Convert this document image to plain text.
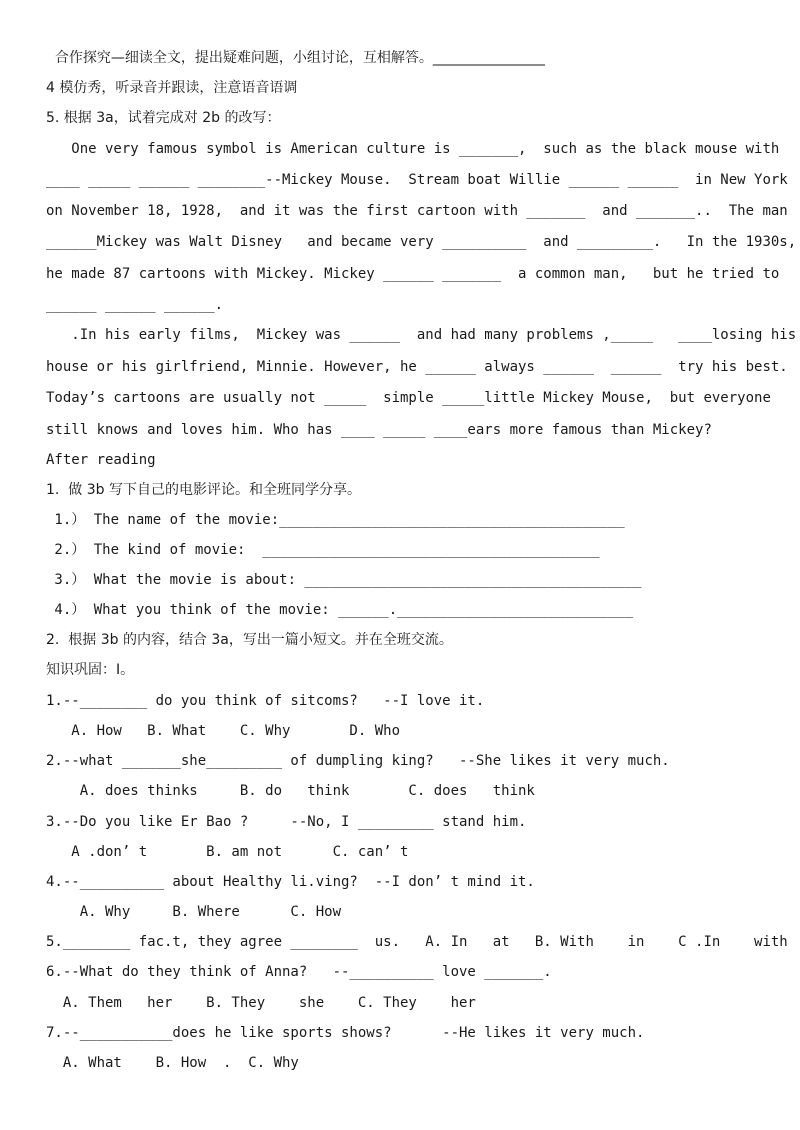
合作探究—细读全文，提出疑难问题，小组讨论，互相解答。________________
4 模仿秀，听录音并跟读，注意语音语调
5. 根据 3a，试着完成对 2b 的改写：
One very famous symbol is American culture is _______,  such as the black mouse with
____ _____ ______ ________--Mickey Mouse.  Stream boat Willie ______ ______  in New York
on November 18, 1928,  and it was the first cartoon with _______  and _______..  The man
______Mickey was Walt Disney   and became very __________  and _________.   In the 1930s,
he made 87 cartoons with Mickey. Mickey ______ _______  a common man,   but he tried to
______ ______ ______.
.In his early films,  Mickey was ______  and had many problems ,_____   ____losing his
house or his girlfriend, Minnie. However, he ______ always ______  ______  try his best.
Today’s cartoons are usually not _____  simple _____little Mickey Mouse,  but everyone
still knows and loves him. Who has ____ _____ ____ears more famous than Mickey?
After reading
1.  做 3b 写下自己的电影评论。和全班同学分享。
1.） The name of the movie:_________________________________________
2.） The kind of movie:  ________________________________________
3.） What the movie is about: ________________________________________
4.） What you think of the movie: ______.____________________________
2.  根据 3b 的内容，结合 3a，写出一篇小短文。并在全班交流。
知识巩固：I。
1.--________ do you think of sitcoms?   --I love it.
A. How   B. What    C. Why       D. Who
2.--what _______she_________ of dumpling king?   --She likes it very much.
A. does thinks     B. do   think       C. does   think
3.--Do you like Er Bao ?     --No, I _________ stand him.
A .don’ t       B. am not      C. can’ t
4.--__________ about Healthy li.ving?  --I don’ t mind it.
A. Why     B. Where      C. How
5.________ fac.t, they agree ________  us.   A. In   at   B. With    in    C .In    with
6.--What do they think of Anna?   --__________ love _______.
A. Them   her    B. They    she    C. They    her
7.--___________does he like sports shows?      --He likes it very much.
A. What    B. How  .  C. Why
